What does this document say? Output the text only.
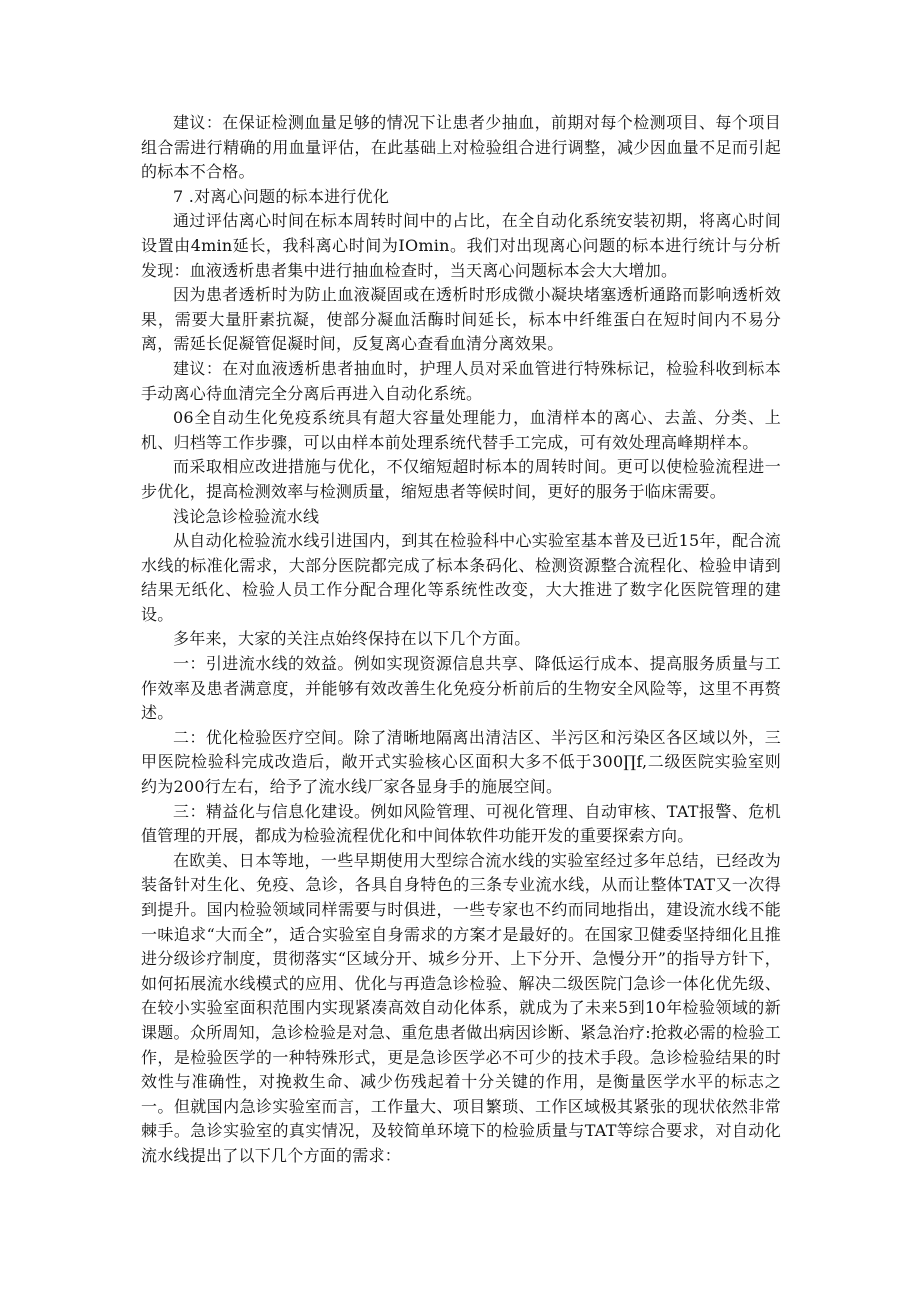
建议：在保证检测血量足够的情况下让患者少抽血，前期对每个检测项目、每个项目组合需进行精确的用血量评估，在此基础上对检验组合进行调整，减少因血量不足而引起的标本不合格。

7 .对离心问题的标本进行优化

通过评估离心时间在标本周转时间中的占比，在全自动化系统安装初期，将离心时间设置由4min延长，我科离心时间为IOmin。我们对出现离心问题的标本进行统计与分析发现：血液透析患者集中进行抽血检查时，当天离心问题标本会大大增加。

因为患者透析时为防止血液凝固或在透析时形成微小凝块堵塞透析通路而影响透析效果，需要大量肝素抗凝，使部分凝血活酶时间延长，标本中纤维蛋白在短时间内不易分离，需延长促凝管促凝时间，反复离心查看血清分离效果。

建议：在对血液透析患者抽血时，护理人员对采血管进行特殊标记，检验科收到标本手动离心待血清完全分离后再进入自动化系统。

06全自动生化免疫系统具有超大容量处理能力，血清样本的离心、去盖、分类、上机、归档等工作步骤，可以由样本前处理系统代替手工完成，可有效处理高峰期样本。

而采取相应改进措施与优化，不仅缩短超时标本的周转时间。更可以使检验流程进一步优化，提高检测效率与检测质量，缩短患者等候时间，更好的服务于临床需要。

浅论急诊检验流水线

从自动化检验流水线引进国内，到其在检验科中心实验室基本普及已近15年，配合流水线的标准化需求，大部分医院都完成了标本条码化、检测资源整合流程化、检验申请到结果无纸化、检验人员工作分配合理化等系统性改变，大大推进了数字化医院管理的建设。

多年来，大家的关注点始终保持在以下几个方面。

一：引进流水线的效益。例如实现资源信息共享、降低运行成本、提高服务质量与工作效率及患者满意度，并能够有效改善生化免疫分析前后的生物安全风险等，这里不再赘述。

二：优化检验医疗空间。除了清晰地隔离出清洁区、半污区和污染区各区域以外，三甲医院检验科完成改造后，敞开式实验核心区面积大多不低于300∏f,二级医院实验室则约为200行左右，给予了流水线厂家各显身手的施展空间。

三：精益化与信息化建设。例如风险管理、可视化管理、自动审核、TAT报警、危机值管理的开展，都成为检验流程优化和中间体软件功能开发的重要探索方向。

在欧美、日本等地，一些早期使用大型综合流水线的实验室经过多年总结，已经改为装备针对生化、免疫、急诊，各具自身特色的三条专业流水线，从而让整体TAT又一次得到提升。国内检验领域同样需要与时俱进，一些专家也不约而同地指出，建设流水线不能一味追求“大而全”，适合实验室自身需求的方案才是最好的。在国家卫健委坚持细化且推进分级诊疗制度，贯彻落实“区域分开、城乡分开、上下分开、急慢分开”的指导方针下，如何拓展流水线模式的应用、优化与再造急诊检验、解决二级医院门急诊一体化优先级、在较小实验室面积范围内实现紧凑高效自动化体系，就成为了未来5到10年检验领域的新课题。众所周知，急诊检验是对急、重危患者做出病因诊断、紧急治疗:抢救必需的检验工作，是检验医学的一种特殊形式，更是急诊医学必不可少的技术手段。急诊检验结果的时效性与准确性，对挽救生命、减少伤残起着十分关键的作用，是衡量医学水平的标志之一。但就国内急诊实验室而言，工作量大、项目繁琐、工作区域极其紧张的现状依然非常棘手。急诊实验室的真实情况，及较简单环境下的检验质量与TAT等综合要求，对自动化流水线提出了以下几个方面的需求：
